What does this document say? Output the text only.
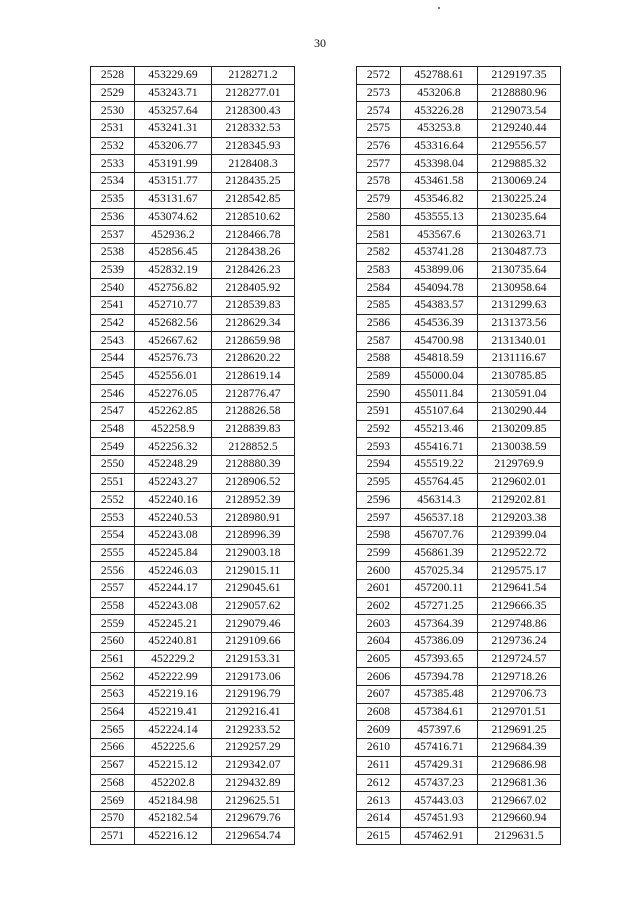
30
2528	453229.69	2128271.2
2529	453243.71	2128277.01
2530	453257.64	2128300.43
2531	453241.31	2128332.53
2532	453206.77	2128345.93
2533	453191.99	2128408.3
2534	453151.77	2128435.25
2535	453131.67	2128542.85
2536	453074.62	2128510.62
2537	452936.2	2128466.78
2538	452856.45	2128438.26
2539	452832.19	2128426.23
2540	452756.82	2128405.92
2541	452710.77	2128539.83
2542	452682.56	2128629.34
2543	452667.62	2128659.98
2544	452576.73	2128620.22
2545	452556.01	2128619.14
2546	452276.05	2128776.47
2547	452262.85	2128826.58
2548	452258.9	2128839.83
2549	452256.32	2128852.5
2550	452248.29	2128880.39
2551	452243.27	2128906.52
2552	452240.16	2128952.39
2553	452240.53	2128980.91
2554	452243.08	2128996.39
2555	452245.84	2129003.18
2556	452246.03	2129015.11
2557	452244.17	2129045.61
2558	452243.08	2129057.62
2559	452245.21	2129079.46
2560	452240.81	2129109.66
2561	452229.2	2129153.31
2562	452222.99	2129173.06
2563	452219.16	2129196.79
2564	452219.41	2129216.41
2565	452224.14	2129233.52
2566	452225.6	2129257.29
2567	452215.12	2129342.07
2568	452202.8	2129432.89
2569	452184.98	2129625.51
2570	452182.54	2129679.76
2571	452216.12	2129654.74
2572	452788.61	2129197.35
2573	453206.8	2128880.96
2574	453226.28	2129073.54
2575	453253.8	2129240.44
2576	453316.64	2129556.57
2577	453398.04	2129885.32
2578	453461.58	2130069.24
2579	453546.82	2130225.24
2580	453555.13	2130235.64
2581	453567.6	2130263.71
2582	453741.28	2130487.73
2583	453899.06	2130735.64
2584	454094.78	2130958.64
2585	454383.57	2131299.63
2586	454536.39	2131373.56
2587	454700.98	2131340.01
2588	454818.59	2131116.67
2589	455000.04	2130785.85
2590	455011.84	2130591.04
2591	455107.64	2130290.44
2592	455213.46	2130209.85
2593	455416.71	2130038.59
2594	455519.22	2129769.9
2595	455764.45	2129602.01
2596	456314.3	2129202.81
2597	456537.18	2129203.38
2598	456707.76	2129399.04
2599	456861.39	2129522.72
2600	457025.34	2129575.17
2601	457200.11	2129641.54
2602	457271.25	2129666.35
2603	457364.39	2129748.86
2604	457386.09	2129736.24
2605	457393.65	2129724.57
2606	457394.78	2129718.26
2607	457385.48	2129706.73
2608	457384.61	2129701.51
2609	457397.6	2129691.25
2610	457416.71	2129684.39
2611	457429.31	2129686.98
2612	457437.23	2129681.36
2613	457443.03	2129667.02
2614	457451.93	2129660.94
2615	457462.91	2129631.5
